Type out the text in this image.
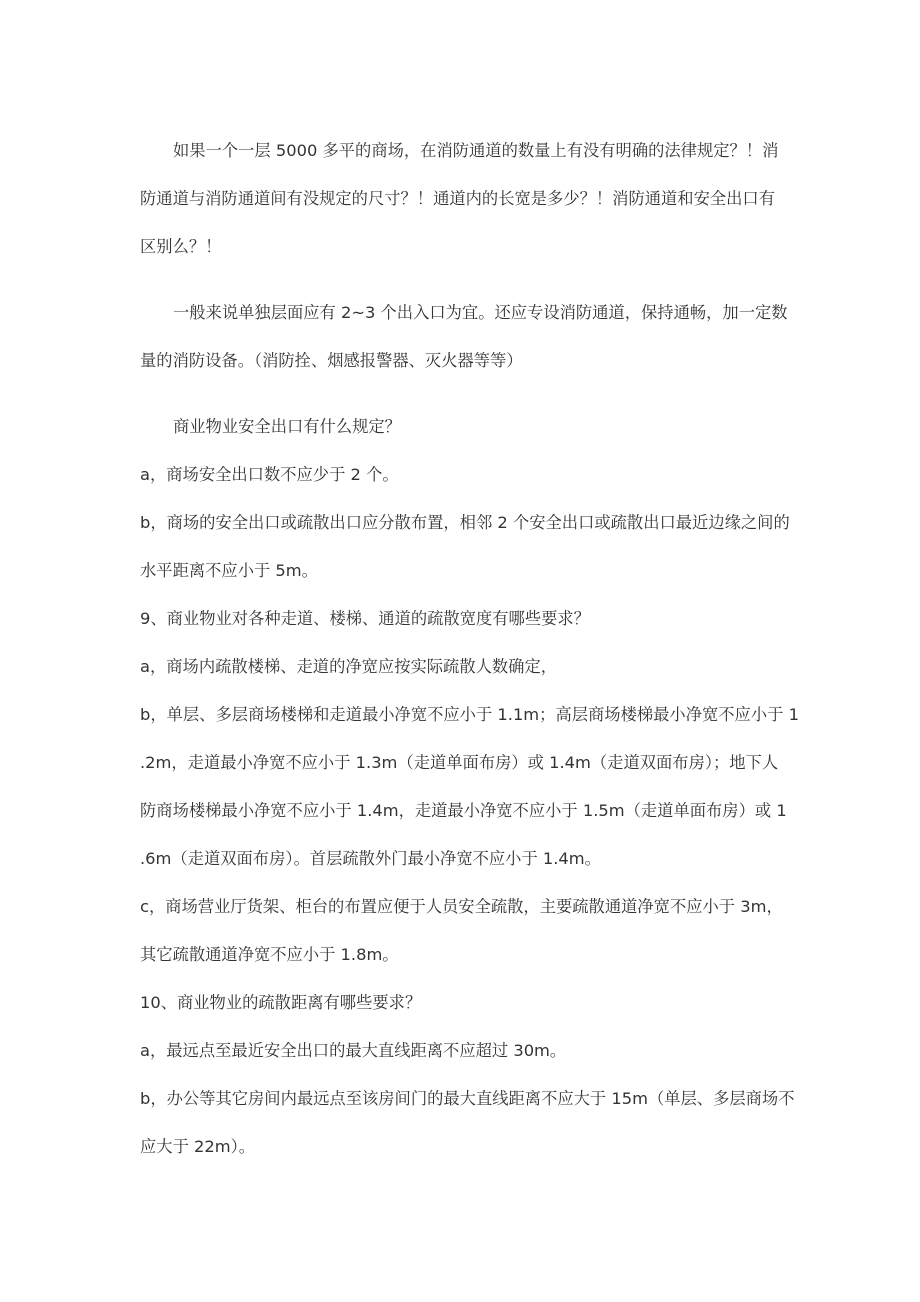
如果一个一层 5000 多平的商场，在消防通道的数量上有没有明确的法律规定？！消
防通道与消防通道间有没规定的尺寸？！通道内的长宽是多少？！消防通道和安全出口有
区别么？！
一般来说单独层面应有 2~3 个出入口为宜。还应专设消防通道，保持通畅，加一定数
量的消防设备。（消防拴、烟感报警器、灭火器等等）
商业物业安全出口有什么规定？
a，商场安全出口数不应少于 2 个。
b，商场的安全出口或疏散出口应分散布置，相邻 2 个安全出口或疏散出口最近边缘之间的
水平距离不应小于 5m。
9、商业物业对各种走道、楼梯、通道的疏散宽度有哪些要求？
a，商场内疏散楼梯、走道的净宽应按实际疏散人数确定，
b，单层、多层商场楼梯和走道最小净宽不应小于 1.1m；高层商场楼梯最小净宽不应小于 1
.2m，走道最小净宽不应小于 1.3m（走道单面布房）或 1.4m（走道双面布房）；地下人
防商场楼梯最小净宽不应小于 1.4m，走道最小净宽不应小于 1.5m（走道单面布房）或 1
.6m（走道双面布房）。首层疏散外门最小净宽不应小于 1.4m。
c，商场营业厅货架、柜台的布置应便于人员安全疏散，主要疏散通道净宽不应小于 3m，
其它疏散通道净宽不应小于 1.8m。
10、商业物业的疏散距离有哪些要求？
a，最远点至最近安全出口的最大直线距离不应超过 30m。
b，办公等其它房间内最远点至该房间门的最大直线距离不应大于 15m（单层、多层商场不
应大于 22m）。
